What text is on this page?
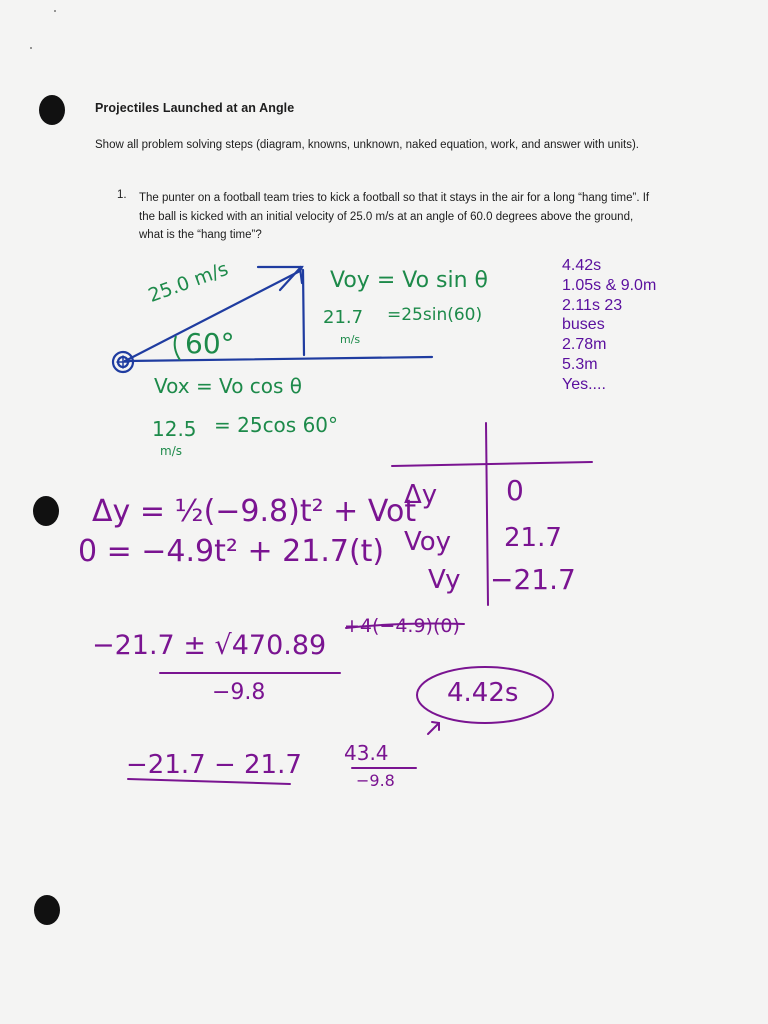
Projectiles Launched at an Angle
Show all problem solving steps (diagram, knowns, unknown, naked equation, work, and answer with units).
1. The punter on a football team tries to kick a football so that it stays in the air for a long “hang time”. If the ball is kicked with an initial velocity of 25.0 m/s at an angle of 60.0 degrees above the ground, what is the “hang time”?
4.42s
1.05s & 9.0m
2.11s 23
buses
2.78m
5.3m
Yes....
25.0 m/s
60°
Voy = Vo sin θ
21.7 =25sin(60)
m/s
Vox = Vo cos θ
12.5 = 25cos 60°
m/s
Δy = ½(−9.8)t² + Vot
0 = −4.9t² + 21.7(t)
Δy 0
Voy 21.7
Vy −21.7
−21.7 ± √470.89
+4(−4.9)(0)
−9.8	4.42s
−21.7 − 21.7 43.4
−9.8
